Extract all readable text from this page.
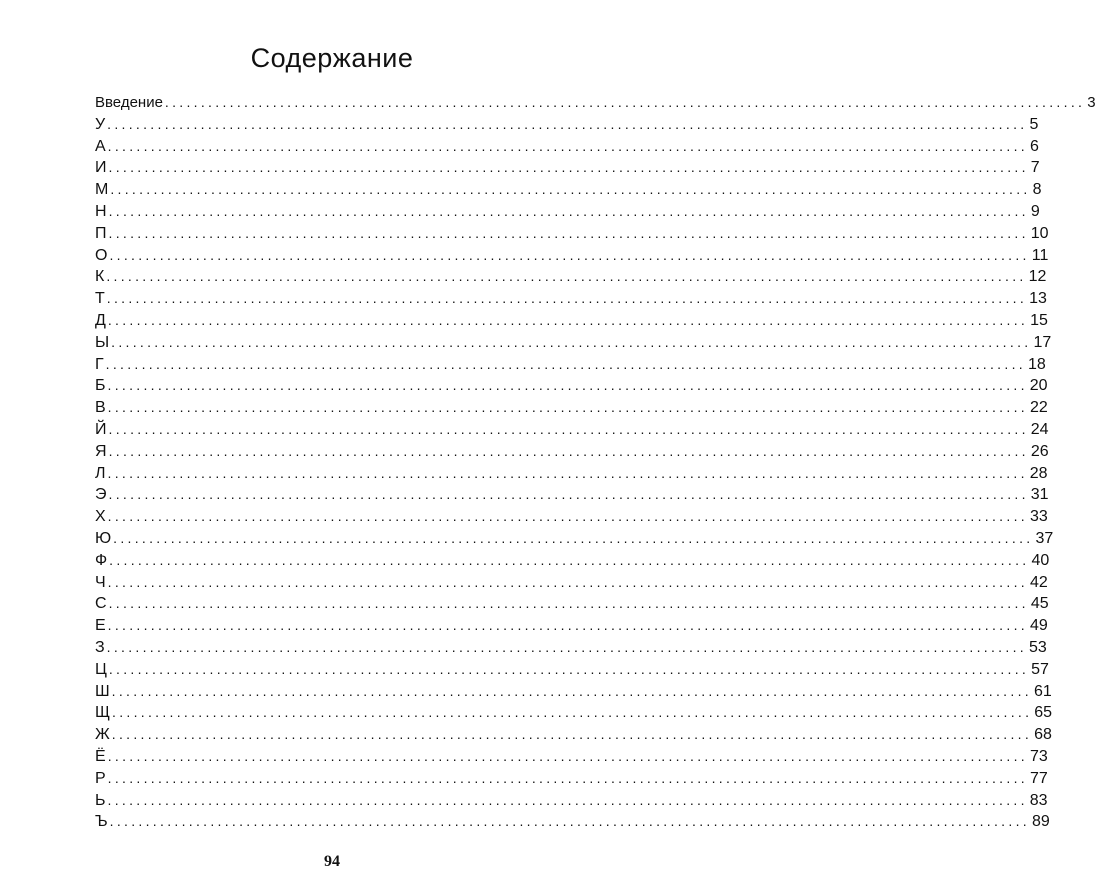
Содержание
Введение ................................................................................................................................ 3
У ................................................................................................................................ 5
А ................................................................................................................................ 6
И ................................................................................................................................ 7
М ................................................................................................................................ 8
Н ................................................................................................................................ 9
П ................................................................................................................................ 10
О ................................................................................................................................ 11
К ................................................................................................................................ 12
Т ................................................................................................................................ 13
Д ................................................................................................................................ 15
Ы ................................................................................................................................ 17
Г ................................................................................................................................ 18
Б ................................................................................................................................ 20
В ................................................................................................................................ 22
Й ................................................................................................................................ 24
Я ................................................................................................................................ 26
Л ................................................................................................................................ 28
Э ................................................................................................................................ 31
Х ................................................................................................................................ 33
Ю ................................................................................................................................ 37
Ф ................................................................................................................................ 40
Ч ................................................................................................................................ 42
С ................................................................................................................................ 45
Е ................................................................................................................................ 49
З ................................................................................................................................ 53
Ц ................................................................................................................................ 57
Ш ................................................................................................................................ 61
Щ ................................................................................................................................ 65
Ж ................................................................................................................................ 68
Ё ................................................................................................................................ 73
Р ................................................................................................................................ 77
Ь ................................................................................................................................ 83
Ъ ................................................................................................................................ 89
94
